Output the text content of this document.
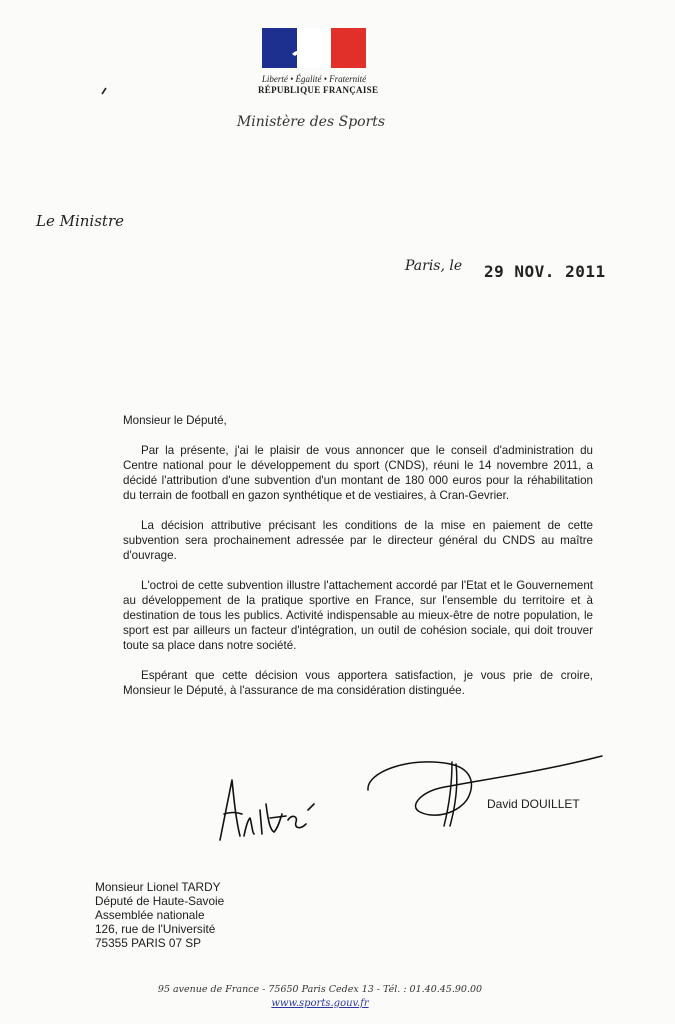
Liberté • Égalité • Fraternité
RÉPUBLIQUE FRANÇAISE
Ministère des Sports
Le Ministre
Paris, le 29 NOV. 2011

Monsieur le Député,

Par la présente, j'ai le plaisir de vous annoncer que le conseil d'administration du Centre national pour le développement du sport (CNDS), réuni le 14 novembre 2011, a décidé l'attribution d'une subvention d'un montant de 180 000 euros pour la réhabilitation du terrain de football en gazon synthétique et de vestiaires, à Cran-Gevrier.

La décision attributive précisant les conditions de la mise en paiement de cette subvention sera prochainement adressée par le directeur général du CNDS au maître d'ouvrage.

L'octroi de cette subvention illustre l'attachement accordé par l'Etat et le Gouvernement au développement de la pratique sportive en France, sur l'ensemble du territoire et à destination de tous les publics. Activité indispensable au mieux-être de notre population, le sport est par ailleurs un facteur d'intégration, un outil de cohésion sociale, qui doit trouver toute sa place dans notre société.

Espérant que cette décision vous apportera satisfaction, je vous prie de croire, Monsieur le Député, à l'assurance de ma considération distinguée.

David DOUILLET
Monsieur Lionel TARDY
Député de Haute-Savoie
Assemblée nationale
126, rue de l'Université
75355 PARIS 07 SP
95 avenue de France - 75650 Paris Cedex 13 - Tél. : 01.40.45.90.00
www.sports.gouv.fr
